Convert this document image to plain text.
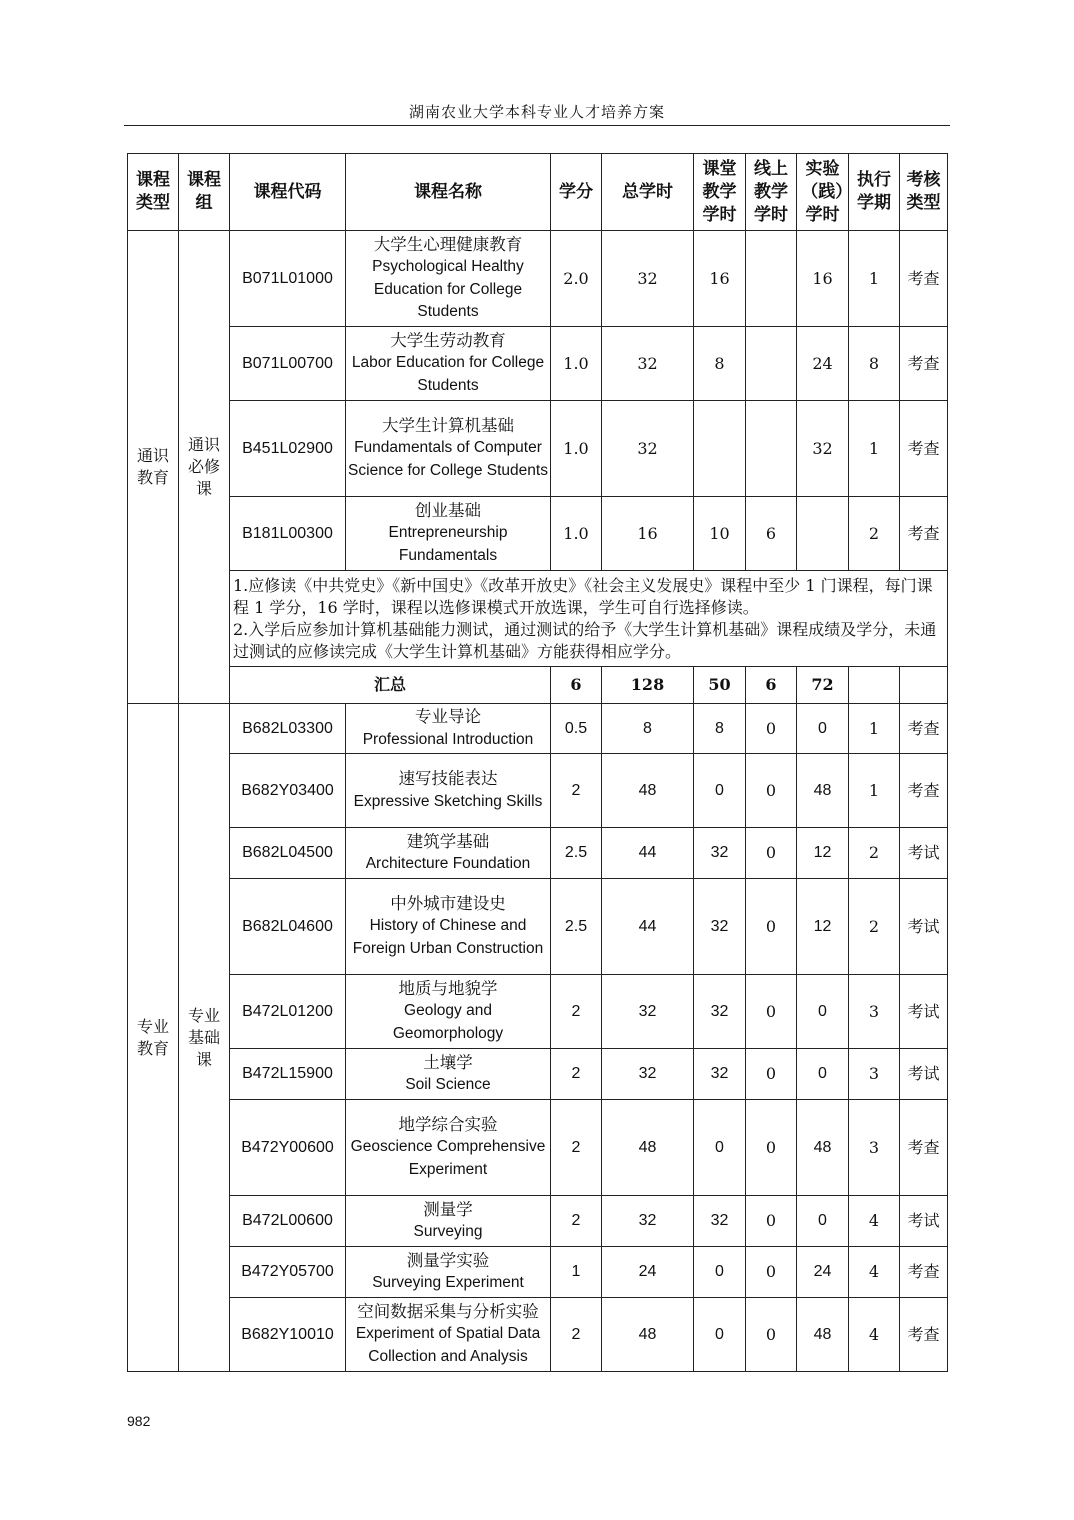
湖南农业大学本科专业人才培养方案
课程类型	课程组	课程代码	课程名称	学分	总学时	课堂教学学时	线上教学学时	实验（践）学时	执行学期	考核类型
通识教育	通识必修课	B071L01000	大学生心理健康教育
Psychological Healthy Education for College Students	2.0	32	16		16	1	考查
		B071L00700	大学生劳动教育
Labor Education for College Students	1.0	32	8		24	8	考查
		B451L02900	大学生计算机基础
Fundamentals of Computer Science for College Students	1.0	32			32	1	考查
		B181L00300	创业基础
Entrepreneurship Fundamentals	1.0	16	10	6		2	考查

		1.应修读《中共党史》《新中国史》《改革开放史》《社会主义发展史》课程中至少 1 门课程，每门课程 1 学分，16 学时，课程以选修课模式开放选课，学生可自行选择修读。

2.入学后应参加计算机基础能力测试，通过测试的给予《大学生计算机基础》课程成绩及学分，未通过测试的应修读完成《大学生计算机基础》方能获得相应学分。								

		汇总		6	128	50	6	72		
专业教育	专业基础课	B682L03300	专业导论
Professional Introduction	0.5	8	8	0	0	1	考查
		B682Y03400	速写技能表达
Expressive Sketching Skills	2	48	0	0	48	1	考查
		B682L04500	建筑学基础
Architecture Foundation	2.5	44	32	0	12	2	考试
		B682L04600	中外城市建设史
History of Chinese and Foreign Urban Construction	2.5	44	32	0	12	2	考试
		B472L01200	地质与地貌学
Geology and Geomorphology	2	32	32	0	0	3	考试
		B472L15900	土壤学
Soil Science	2	32	32	0	0	3	考试
		B472Y00600	地学综合实验
Geoscience Comprehensive Experiment	2	48	0	0	48	3	考查
		B472L00600	测量学
Surveying	2	32	32	0	0	4	考试
		B472Y05700	测量学实验
Surveying Experiment	1	24	0	0	24	4	考查
		B682Y10010	空间数据采集与分析实验
Experiment of Spatial Data Collection and Analysis	2	48	0	0	48	4	考查
982
